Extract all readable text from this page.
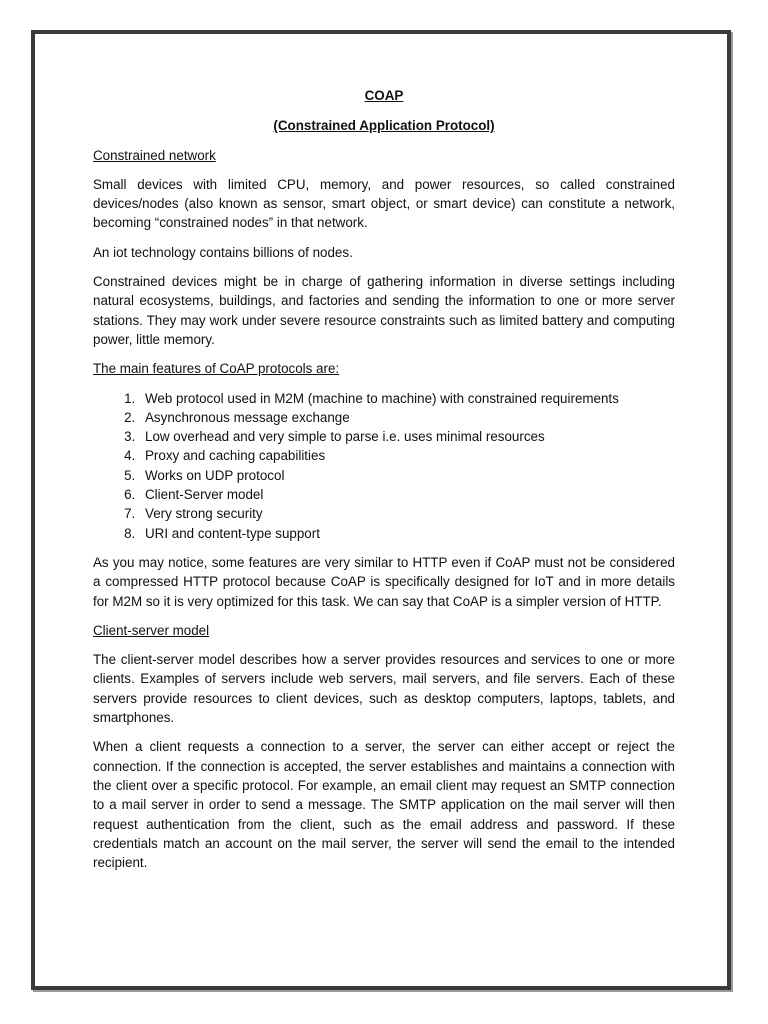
COAP
(Constrained Application Protocol)
Constrained network

Small devices with limited CPU, memory, and power resources, so called constrained devices/nodes (also known as sensor, smart object, or smart device) can constitute a network, becoming “constrained nodes” in that network.

An iot technology contains billions of nodes.

Constrained devices might be in charge of gathering information in diverse settings including natural ecosystems, buildings, and factories and sending the information to one or more server stations. They may work under severe resource constraints such as limited battery and computing power, little memory.

The main features of CoAP protocols are:
1. Web protocol used in M2M (machine to machine) with constrained requirements
2. Asynchronous message exchange
3. Low overhead and very simple to parse i.e. uses minimal resources
4. Proxy and caching capabilities
5. Works on UDP protocol
6. Client-Server model
7. Very strong security
8. URI and content-type support

As you may notice, some features are very similar to HTTP even if CoAP must not be considered a compressed HTTP protocol because CoAP is specifically designed for IoT and in more details for M2M so it is very optimized for this task. We can say that CoAP is a simpler version of HTTP.

Client-server model

The client-server model describes how a server provides resources and services to one or more clients. Examples of servers include web servers, mail servers, and file servers. Each of these servers provide resources to client devices, such as desktop computers, laptops, tablets, and smartphones.

When a client requests a connection to a server, the server can either accept or reject the connection. If the connection is accepted, the server establishes and maintains a connection with the client over a specific protocol. For example, an email client may request an SMTP connection to a mail server in order to send a message. The SMTP application on the mail server will then request authentication from the client, such as the email address and password. If these credentials match an account on the mail server, the server will send the email to the intended recipient.
